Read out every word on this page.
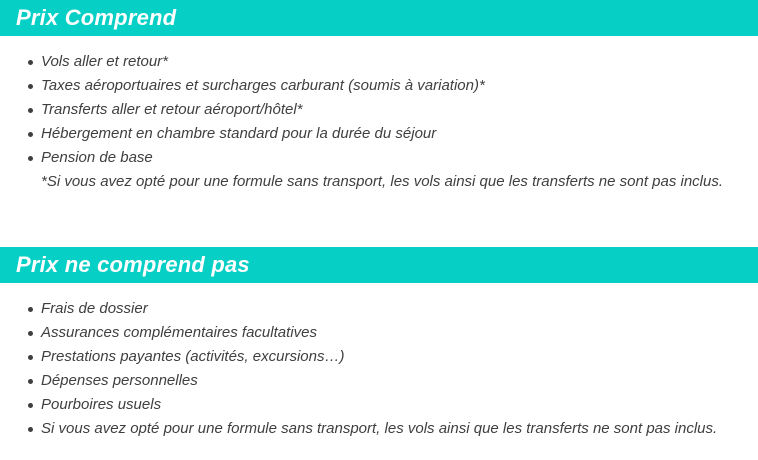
Prix Comprend
Vols aller et retour*
Taxes aéroportuaires et surcharges carburant (soumis à variation)*
Transferts aller et retour aéroport/hôtel*
Hébergement en chambre standard pour la durée du séjour
Pension de base
*Si vous avez opté pour une formule sans transport, les vols ainsi que les transferts ne sont pas inclus.
Prix ne comprend pas
Frais de dossier
Assurances complémentaires facultatives
Prestations payantes (activités, excursions…)
Dépenses personnelles
Pourboires usuels
Si vous avez opté pour une formule sans transport, les vols ainsi que les transferts ne sont pas inclus.
